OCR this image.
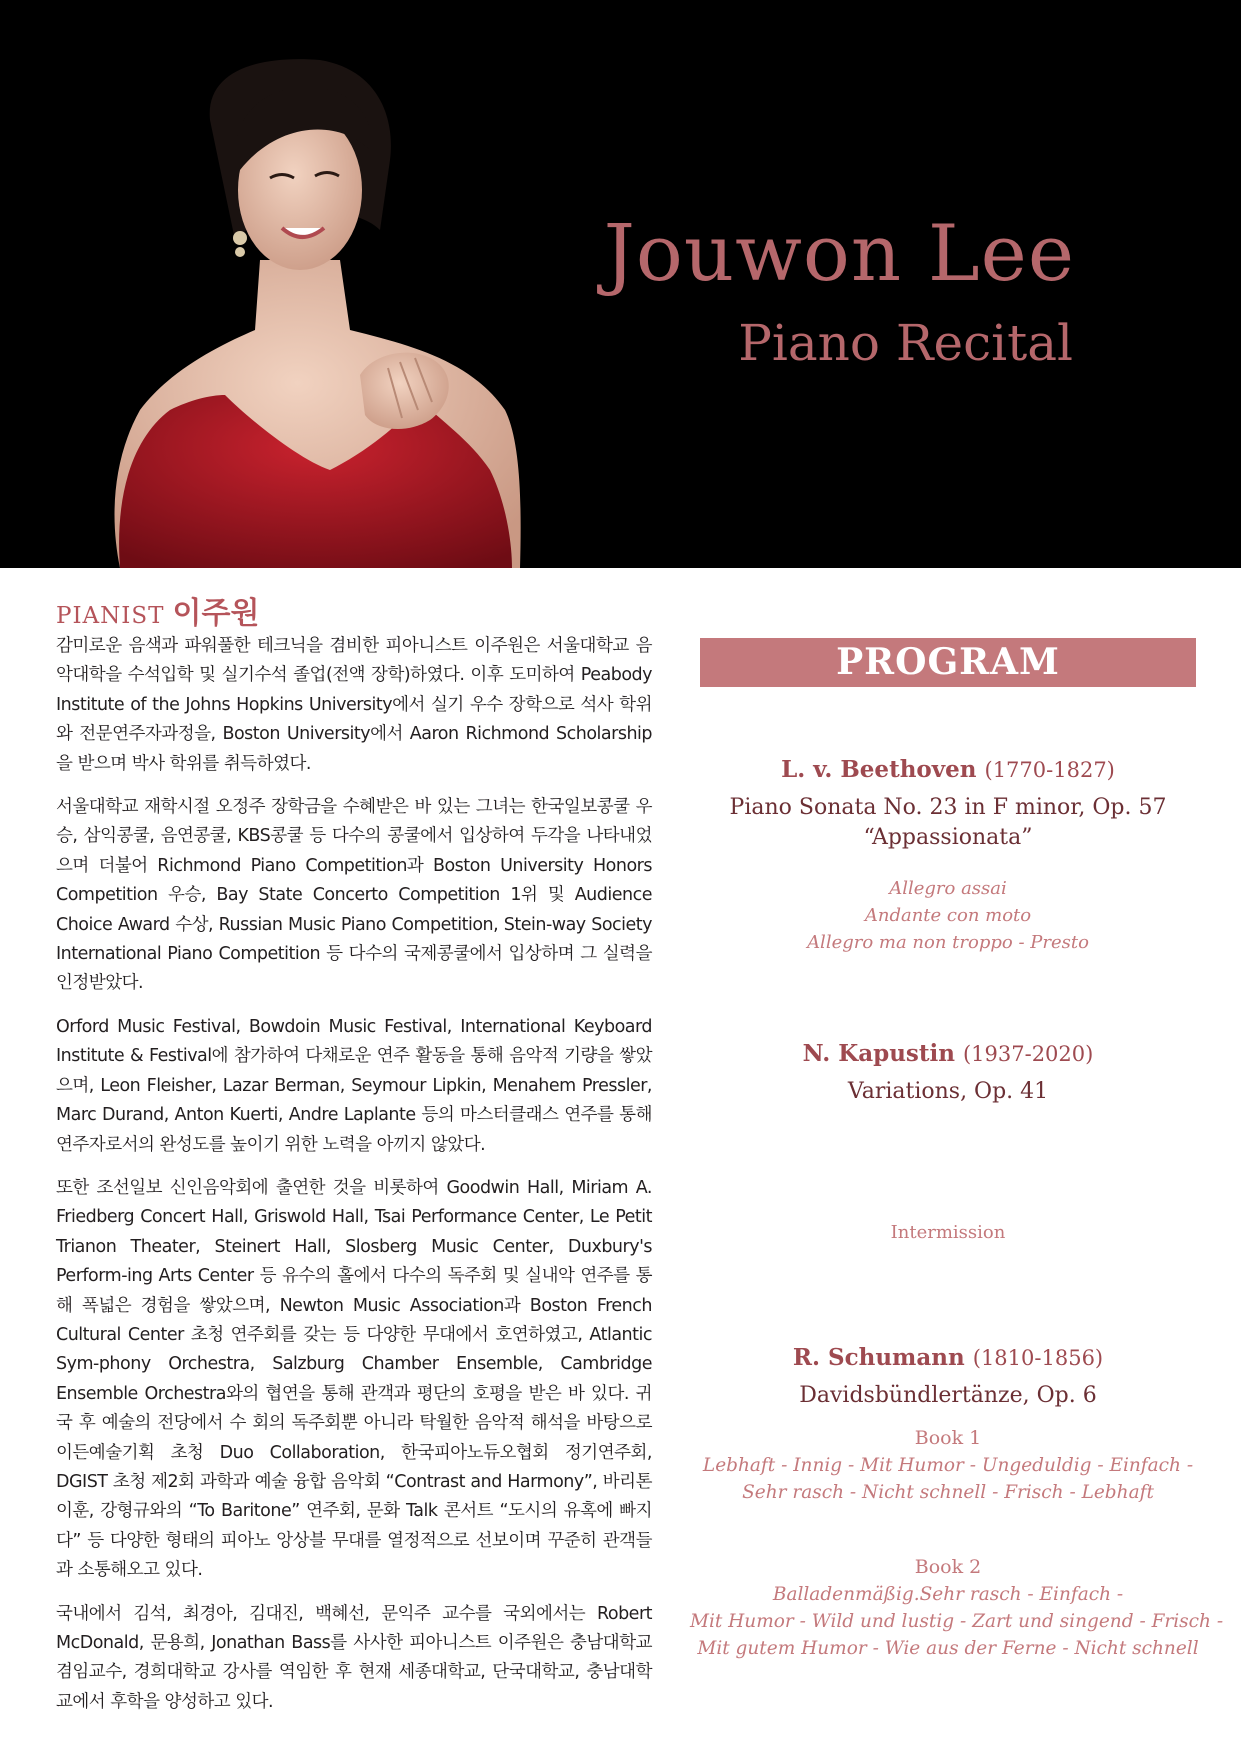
Jouwon Lee
Piano Recital
PIANIST 이주원

감미로운 음색과 파워풀한 테크닉을 겸비한 피아니스트 이주원은 서울대학교 음악대학을 수석입학 및 실기수석 졸업(전액 장학)하였다. 이후 도미하여 Peabody Institute of the Johns Hopkins University에서 실기 우수 장학으로 석사 학위와 전문연주자과정을, Boston University에서 Aaron Richmond Scholarship을 받으며 박사 학위를 취득하였다.

서울대학교 재학시절 오정주 장학금을 수혜받은 바 있는 그녀는 한국일보콩쿨 우승, 삼익콩쿨, 음연콩쿨, KBS콩쿨 등 다수의 콩쿨에서 입상하여 두각을 나타내었으며 더불어 Richmond Piano Competition과 Boston University Honors Competition 우승, Bay State Concerto Competition 1위 및 Audience Choice Award 수상, Russian Music Piano Competition, Stein-way Society International Piano Competition 등 다수의 국제콩쿨에서 입상하며 그 실력을 인정받았다.

Orford Music Festival, Bowdoin Music Festival, International Keyboard Institute & Festival에 참가하여 다채로운 연주 활동을 통해 음악적 기량을 쌓았으며, Leon Fleisher, Lazar Berman, Seymour Lipkin, Menahem Pressler, Marc Durand, Anton Kuerti, Andre Laplante 등의 마스터클래스 연주를 통해 연주자로서의 완성도를 높이기 위한 노력을 아끼지 않았다.

또한 조선일보 신인음악회에 출연한 것을 비롯하여 Goodwin Hall, Miriam A. Friedberg Concert Hall, Griswold Hall, Tsai Performance Center, Le Petit Trianon Theater, Steinert Hall, Slosberg Music Center, Duxbury's Perform-ing Arts Center 등 유수의 홀에서 다수의 독주회 및 실내악 연주를 통해 폭넓은 경험을 쌓았으며, Newton Music Association과 Boston French Cultural Center 초청 연주회를 갖는 등 다양한 무대에서 호연하였고, Atlantic Sym-phony Orchestra, Salzburg Chamber Ensemble, Cambridge Ensemble Orchestra와의 협연을 통해 관객과 평단의 호평을 받은 바 있다. 귀국 후 예술의 전당에서 수 회의 독주회뿐 아니라 탁월한 음악적 해석을 바탕으로 이든예술기획 초청 Duo Collaboration, 한국피아노듀오협회 정기연주회, DGIST 초청 제2회 과학과 예술 융합 음악회 “Contrast and Harmony”, 바리톤 이훈, 강형규와의 “To Baritone” 연주회, 문화 Talk 콘서트 “도시의 유혹에 빠지다” 등 다양한 형태의 피아노 앙상블 무대를 열정적으로 선보이며 꾸준히 관객들과 소통해오고 있다.

국내에서 김석, 최경아, 김대진, 백혜선, 문익주 교수를 국외에서는 Robert McDonald, 문용희, Jonathan Bass를 사사한 피아니스트 이주원은 충남대학교 겸임교수, 경희대학교 강사를 역임한 후 현재 세종대학교, 단국대학교, 충남대학교에서 후학을 양성하고 있다.

PROGRAM
L. v. Beethoven (1770-1827)
Piano Sonata No. 23 in F minor, Op. 57
“Appassionata”
Allegro assai
Andante con moto
Allegro ma non troppo - Presto
N. Kapustin (1937-2020)
Variations, Op. 41
Intermission
R. Schumann (1810-1856)
Davidsbündlertänze, Op. 6
Book 1
Lebhaft - Innig - Mit Humor - Ungeduldig - Einfach -
Sehr rasch - Nicht schnell - Frisch - Lebhaft
Book 2
Balladenmäßig.Sehr rasch - Einfach -
Mit Humor - Wild und lustig - Zart und singend - Frisch -
Mit gutem Humor - Wie aus der Ferne - Nicht schnell
